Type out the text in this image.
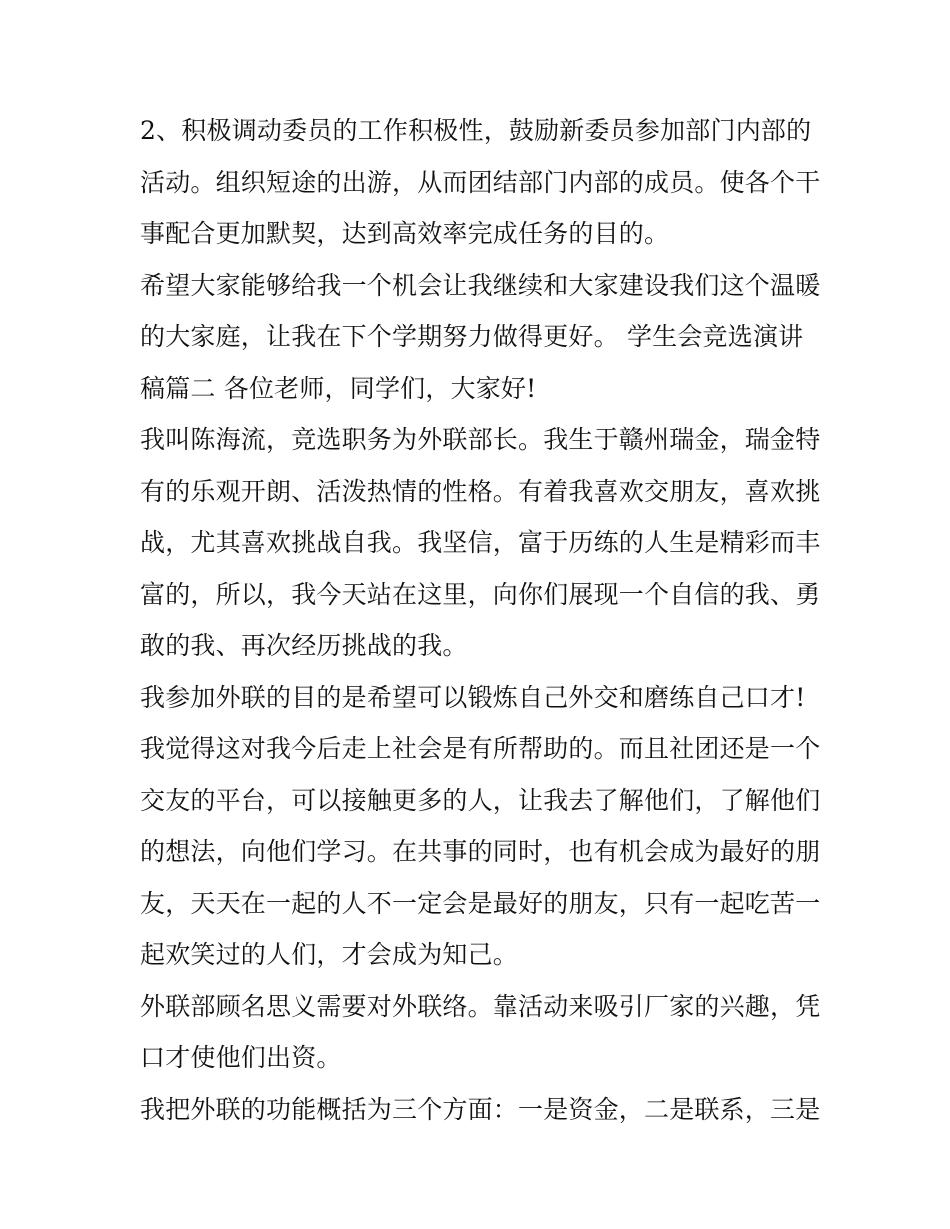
2、积极调动委员的工作积极性，鼓励新委员参加部门内部的
活动。组织短途的出游，从而团结部门内部的成员。使各个干
事配合更加默契，达到高效率完成任务的目的。
希望大家能够给我一个机会让我继续和大家建设我们这个温暖
的大家庭，让我在下个学期努力做得更好。 学生会竞选演讲
稿篇二 各位老师，同学们，大家好!
我叫陈海流，竞选职务为外联部长。我生于赣州瑞金，瑞金特
有的乐观开朗、活泼热情的性格。有着我喜欢交朋友，喜欢挑
战，尤其喜欢挑战自我。我坚信，富于历练的人生是精彩而丰
富的，所以，我今天站在这里，向你们展现一个自信的我、勇
敢的我、再次经历挑战的我。
我参加外联的目的是希望可以锻炼自己外交和磨练自己口才!
我觉得这对我今后走上社会是有所帮助的。而且社团还是一个
交友的平台，可以接触更多的人，让我去了解他们，了解他们
的想法，向他们学习。在共事的同时，也有机会成为最好的朋
友，天天在一起的人不一定会是最好的朋友，只有一起吃苦一
起欢笑过的人们，才会成为知己。
外联部顾名思义需要对外联络。靠活动来吸引厂家的兴趣，凭
口才使他们出资。
我把外联的功能概括为三个方面：一是资金，二是联系，三是
